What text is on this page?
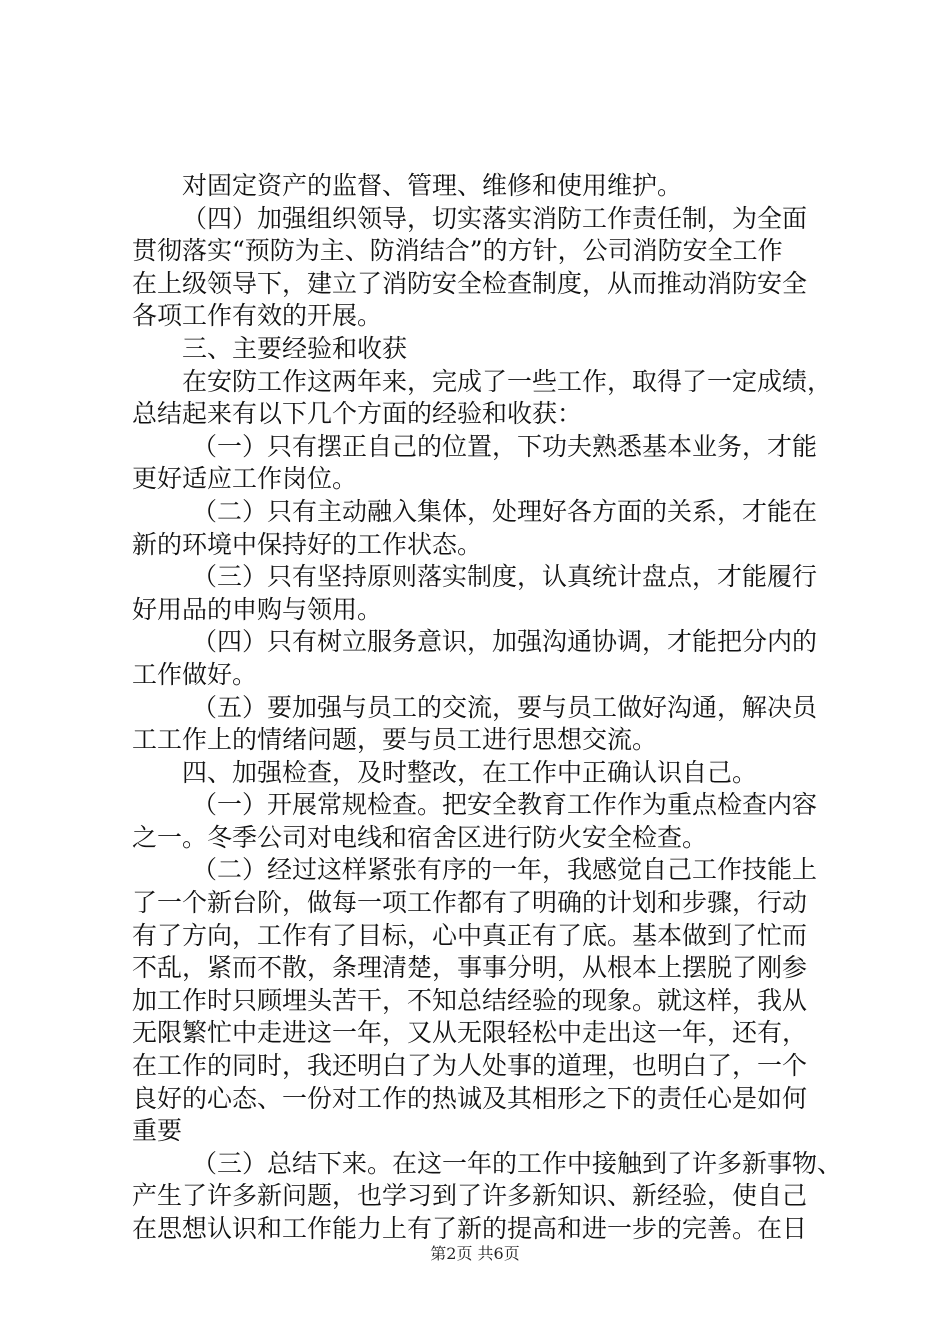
对固定资产的监督、管理、维修和使用维护。
（四）加强组织领导，切实落实消防工作责任制，为全面
贯彻落实“预防为主、防消结合”的方针，公司消防安全工作
在上级领导下，建立了消防安全检查制度，从而推动消防安全
各项工作有效的开展。
三、主要经验和收获
在安防工作这两年来，完成了一些工作，取得了一定成绩，
总结起来有以下几个方面的经验和收获：
（一）只有摆正自己的位置，下功夫熟悉基本业务，才能
更好适应工作岗位。
（二）只有主动融入集体，处理好各方面的关系，才能在
新的环境中保持好的工作状态。
（三）只有坚持原则落实制度，认真统计盘点，才能履行
好用品的申购与领用。
（四）只有树立服务意识，加强沟通协调，才能把分内的
工作做好。
（五）要加强与员工的交流，要与员工做好沟通，解决员
工工作上的情绪问题，要与员工进行思想交流。
四、加强检查，及时整改，在工作中正确认识自己。
（一）开展常规检查。把安全教育工作作为重点检查内容
之一。冬季公司对电线和宿舍区进行防火安全检查。
（二）经过这样紧张有序的一年，我感觉自己工作技能上
了一个新台阶，做每一项工作都有了明确的计划和步骤，行动
有了方向，工作有了目标，心中真正有了底。基本做到了忙而
不乱，紧而不散，条理清楚，事事分明，从根本上摆脱了刚参
加工作时只顾埋头苦干，不知总结经验的现象。就这样，我从
无限繁忙中走进这一年，又从无限轻松中走出这一年，还有，
在工作的同时，我还明白了为人处事的道理，也明白了，一个
良好的心态、一份对工作的热诚及其相形之下的责任心是如何
重要
（三）总结下来。在这一年的工作中接触到了许多新事物、
产生了许多新问题，也学习到了许多新知识、新经验，使自己
在思想认识和工作能力上有了新的提高和进一步的完善。在日
第2页 共6页
